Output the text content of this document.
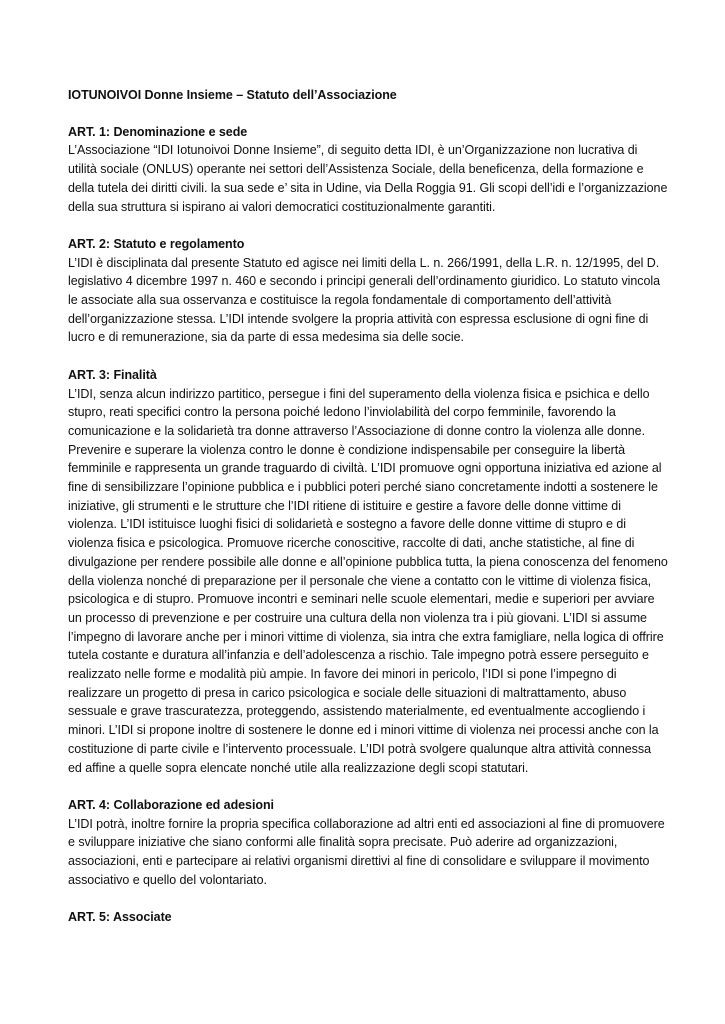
IOTUNOIVOI Donne Insieme – Statuto dell’Associazione

ART. 1: Denominazione e sede

L’Associazione “IDI Iotunoivoi Donne Insieme”, di seguito detta IDI, è un’Organizzazione non lucrativa di utilità sociale (ONLUS) operante nei settori dell’Assistenza Sociale, della beneficenza, della formazione e della tutela dei diritti civili. la sua sede e’ sita in Udine, via Della Roggia 91. Gli scopi dell’idi e l’organizzazione della sua struttura si ispirano ai valori democratici costituzionalmente garantiti.

ART. 2: Statuto e regolamento

L’IDI è disciplinata dal presente Statuto ed agisce nei limiti della L. n. 266/1991, della L.R. n. 12/1995, del D. legislativo 4 dicembre 1997 n. 460 e secondo i principi generali dell’ordinamento giuridico. Lo statuto vincola le associate alla sua osservanza e costituisce la regola fondamentale di comportamento dell’attività dell’organizzazione stessa. L’IDI intende svolgere la propria attività con espressa esclusione di ogni fine di lucro e di remunerazione, sia da parte di essa medesima sia delle socie.

ART. 3: Finalità

L’IDI, senza alcun indirizzo partitico, persegue i fini del superamento della violenza fisica e psichica e dello stupro, reati specifici contro la persona poiché ledono l’inviolabilità del corpo femminile, favorendo la comunicazione e la solidarietà tra donne attraverso l’Associazione di donne contro la violenza alle donne. Prevenire e superare la violenza contro le donne è condizione indispensabile per conseguire la libertà femminile e rappresenta un grande traguardo di civiltà. L’IDI promuove ogni opportuna iniziativa ed azione al fine di sensibilizzare l’opinione pubblica e i pubblici poteri perché siano concretamente indotti a sostenere le iniziative, gli strumenti e le strutture che l’IDI ritiene di istituire e gestire a favore delle donne vittime di violenza. L’IDI istituisce luoghi fisici di solidarietà e sostegno a favore delle donne vittime di stupro e di violenza fisica e psicologica. Promuove ricerche conoscitive, raccolte di dati, anche statistiche, al fine di divulgazione per rendere possibile alle donne e all’opinione pubblica tutta, la piena conoscenza del fenomeno della violenza nonché di preparazione per il personale che viene a contatto con le vittime di violenza fisica, psicologica e di stupro. Promuove incontri e seminari nelle scuole elementari, medie e superiori per avviare un processo di prevenzione e per costruire una cultura della non violenza tra i più giovani. L’IDI si assume l’impegno di lavorare anche per i minori vittime di violenza, sia intra che extra famigliare, nella logica di offrire tutela costante e duratura all’infanzia e dell’adolescenza a rischio. Tale impegno potrà essere perseguito e realizzato nelle forme e modalità più ampie. In favore dei minori in pericolo, l’IDI si pone l’impegno di realizzare un progetto di presa in carico psicologica e sociale delle situazioni di maltrattamento, abuso sessuale e grave trascuratezza, proteggendo, assistendo materialmente, ed eventualmente accogliendo i minori. L’IDI si propone inoltre di sostenere le donne ed i minori vittime di violenza nei processi anche con la costituzione di parte civile e l’intervento processuale. L’IDI potrà svolgere qualunque altra attività connessa ed affine a quelle sopra elencate nonché utile alla realizzazione degli scopi statutari.

ART. 4: Collaborazione ed adesioni

L’IDI potrà, inoltre fornire la propria specifica collaborazione ad altri enti ed associazioni al fine di promuovere e sviluppare iniziative che siano conformi alle finalità sopra precisate. Può aderire ad organizzazioni, associazioni, enti e partecipare ai relativi organismi direttivi al fine di consolidare e sviluppare il movimento associativo e quello del volontariato.

ART. 5: Associate
